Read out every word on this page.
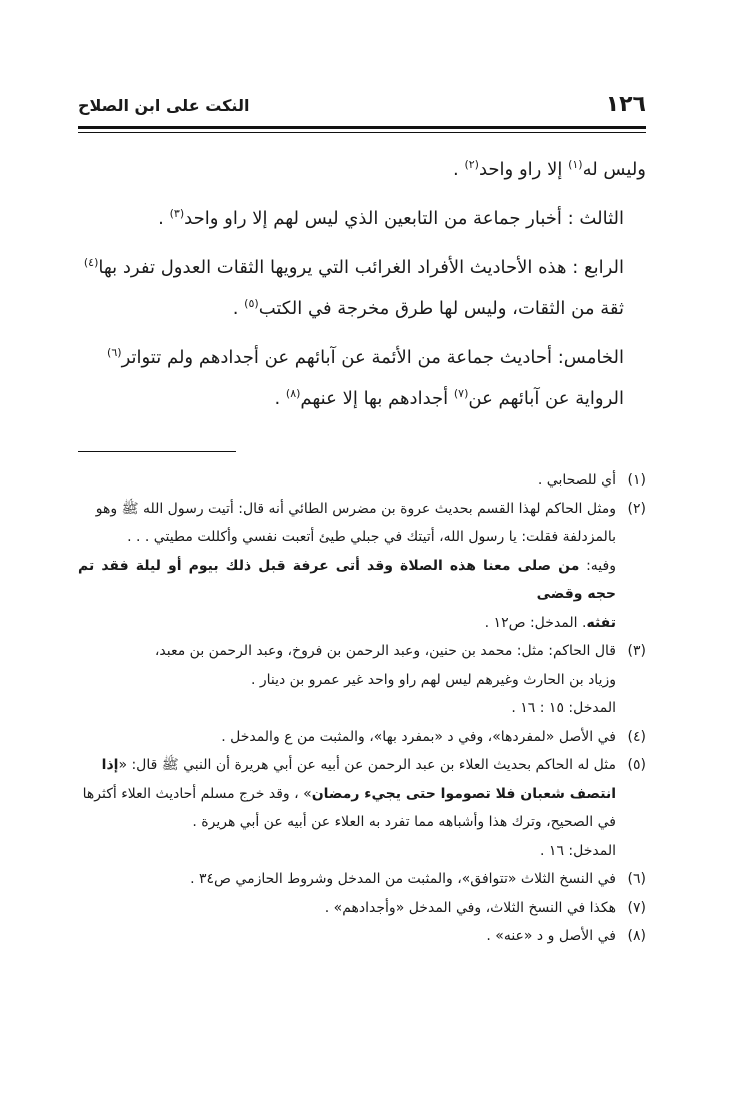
١٢٦
النكت على ابن الصلاح

وليس له$^{(١)}$ إلا راو واحد$^{(٢)}$ .

الثالث : أخبار جماعة من التابعين الذي ليس لهم إلا راو واحد$^{(٣)}$ .

الرابع : هذه الأحاديث الأفراد الغرائب التي يرويها الثقات العدول تفرد بها$^{(٤)}$
ثقة من الثقات، وليس لها طرق مخرجة في الكتب$^{(٥)}$ .

الخامس: أحاديث جماعة من الأئمة عن آبائهم عن أجدادهم ولم تتواتر$^{(٦)}$
الرواية عن آبائهم عن$^{(٧)}$ أجدادهم بها إلا عنهم$^{(٨)}$ .

(١)
أي للصحابي .
(٢)
ومثل الحاكم لهذا القسم بحديث عروة بن مضرس الطائي أنه قال: أتيت رسول الله ﷺ وهو
بالمزدلفة فقلت: يا رسول الله، أتيتك في جبلي طيئ أتعبت نفسي وأكللت مطيتي . . .
وفيه: من صلى معنا هذه الصلاة وقد أتى عرفة قبل ذلك بيوم أو ليلة فقد تم حجه وقضى
تفثه. المدخل: ص١٢ .
(٣)
قال الحاكم: مثل: محمد بن حنين، وعبد الرحمن بن فروخ، وعبد الرحمن بن معبد،
وزياد بن الحارث وغيرهم ليس لهم راو واحد غير عمرو بن دينار .
المدخل: ١٥ : ١٦ .
(٤)
في الأصل «لمفردها»، وفي د «بمفرد بها»، والمثبت من ع والمدخل .
(٥)
مثل له الحاكم بحديث العلاء بن عبد الرحمن عن أبيه عن أبي هريرة أن النبي ﷺ قال: «إذا
انتصف شعبان فلا تصوموا حتى يجيء رمضان» ، وقد خرج مسلم أحاديث العلاء أكثرها
في الصحيح، وترك هذا وأشباهه مما تفرد به العلاء عن أبيه عن أبي هريرة .
المدخل: ١٦ .
(٦)
في النسخ الثلاث «تتوافق»، والمثبت من المدخل وشروط الحازمي ص٣٤ .
(٧)
هكذا في النسخ الثلاث، وفي المدخل «وأجدادهم» .
(٨)
في الأصل و د «عنه» .
